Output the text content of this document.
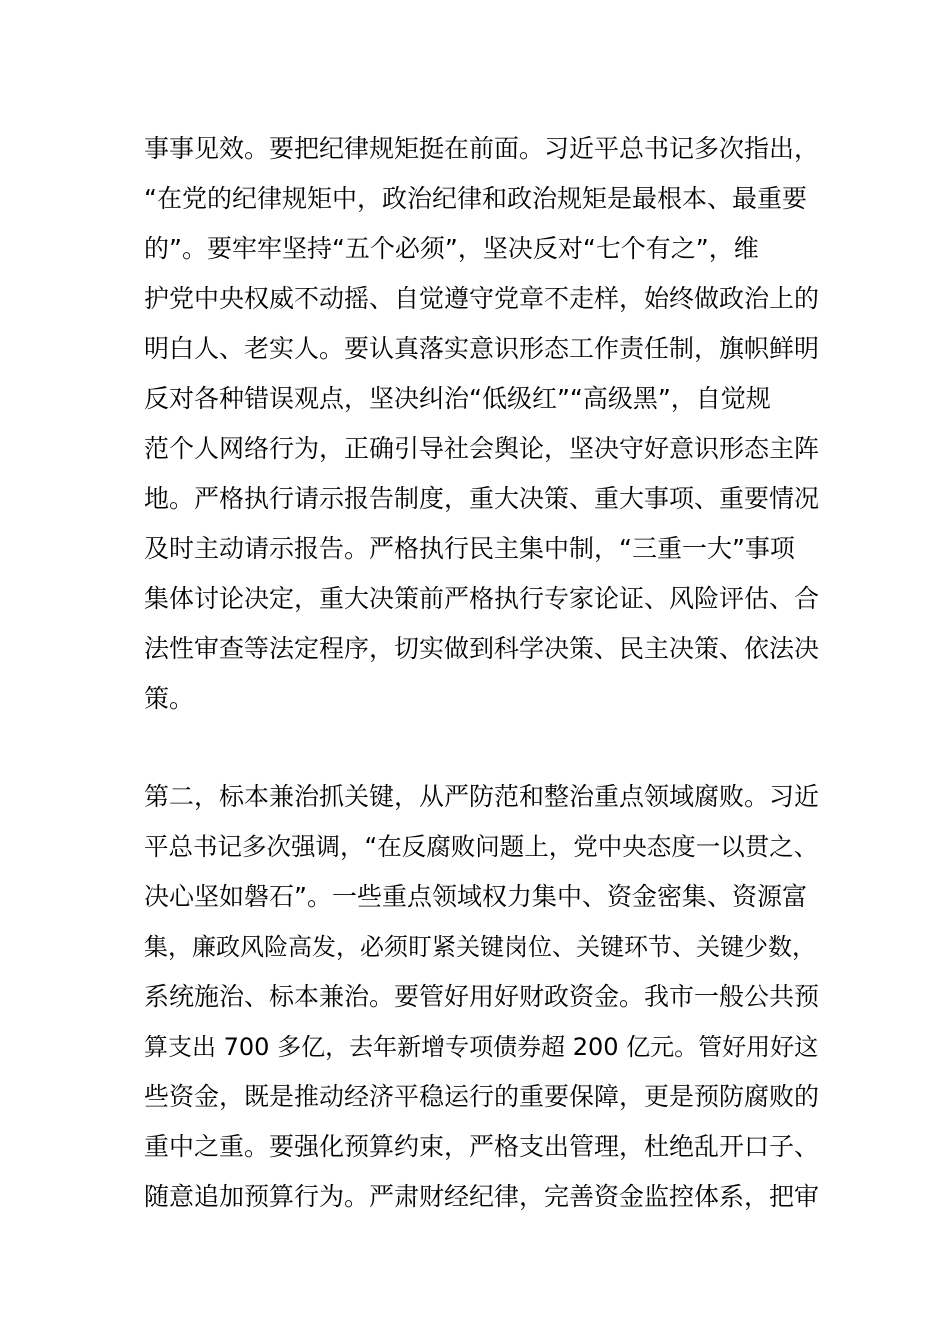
事事见效。要把纪律规矩挺在前面。习近平总书记多次指出，
“在党的纪律规矩中，政治纪律和政治规矩是最根本、最重要
的”。要牢牢坚持“五个必须”，坚决反对“七个有之”，维
护党中央权威不动摇、自觉遵守党章不走样，始终做政治上的
明白人、老实人。要认真落实意识形态工作责任制，旗帜鲜明
反对各种错误观点，坚决纠治“低级红”“高级黑”，自觉规
范个人网络行为，正确引导社会舆论，坚决守好意识形态主阵
地。严格执行请示报告制度，重大决策、重大事项、重要情况
及时主动请示报告。严格执行民主集中制，“三重一大”事项
集体讨论决定，重大决策前严格执行专家论证、风险评估、合
法性审查等法定程序，切实做到科学决策、民主决策、依法决
策。
第二，标本兼治抓关键，从严防范和整治重点领域腐败。习近
平总书记多次强调，“在反腐败问题上，党中央态度一以贯之、
决心坚如磐石”。一些重点领域权力集中、资金密集、资源富
集，廉政风险高发，必须盯紧关键岗位、关键环节、关键少数，
系统施治、标本兼治。要管好用好财政资金。我市一般公共预
算支出 700 多亿，去年新增专项债券超 200 亿元。管好用好这
些资金，既是推动经济平稳运行的重要保障，更是预防腐败的
重中之重。要强化预算约束，严格支出管理，杜绝乱开口子、
随意追加预算行为。严肃财经纪律，完善资金监控体系，把审
